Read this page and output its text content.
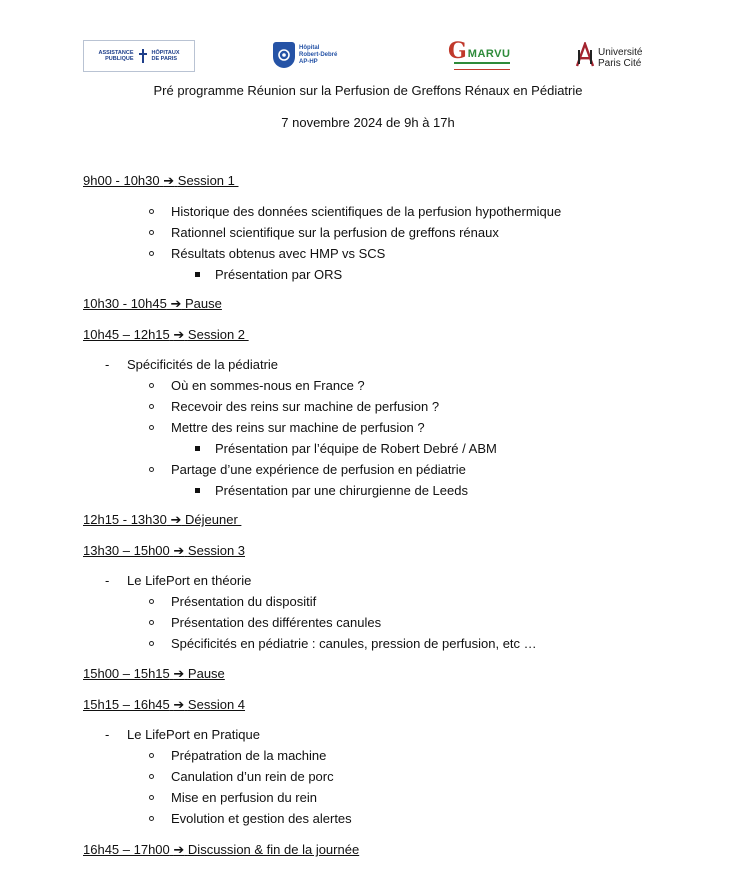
ASSISTANCE
PUBLIQUE
HÔPITAUX
DE PARIS
Hôpital
Robert-Debré
AP-HP	G MARVU	Université
Paris Cité
Pré programme Réunion sur la Perfusion de Greffons Rénaux en Pédiatrie
7 novembre 2024 de 9h à 17h
9h00 - 10h30 ➔ Session 1
Historique des données scientifiques de la perfusion hypothermique
Rationnel scientifique sur la perfusion de greffons rénaux
Résultats obtenus avec HMP vs SCS
Présentation par ORS
10h30 - 10h45 ➔ Pause
10h45 – 12h15 ➔ Session 2
- Spécificités de la pédiatrie
Où en sommes-nous en France ?
Recevoir des reins sur machine de perfusion ?
Mettre des reins sur machine de perfusion ?
Présentation par l’équipe de Robert Debré / ABM
Partage d’une expérience de perfusion en pédiatrie
Présentation par une chirurgienne de Leeds
12h15 - 13h30 ➔ Déjeuner
13h30 – 15h00 ➔ Session 3
- Le LifePort en théorie
Présentation du dispositif
Présentation des différentes canules
Spécificités en pédiatrie : canules, pression de perfusion, etc …
15h00 – 15h15 ➔ Pause
15h15 – 16h45 ➔ Session 4
- Le LifePort en Pratique
Prépatration de la machine
Canulation d’un rein de porc
Mise en perfusion du rein
Evolution et gestion des alertes
16h45 – 17h00 ➔ Discussion & fin de la journée
